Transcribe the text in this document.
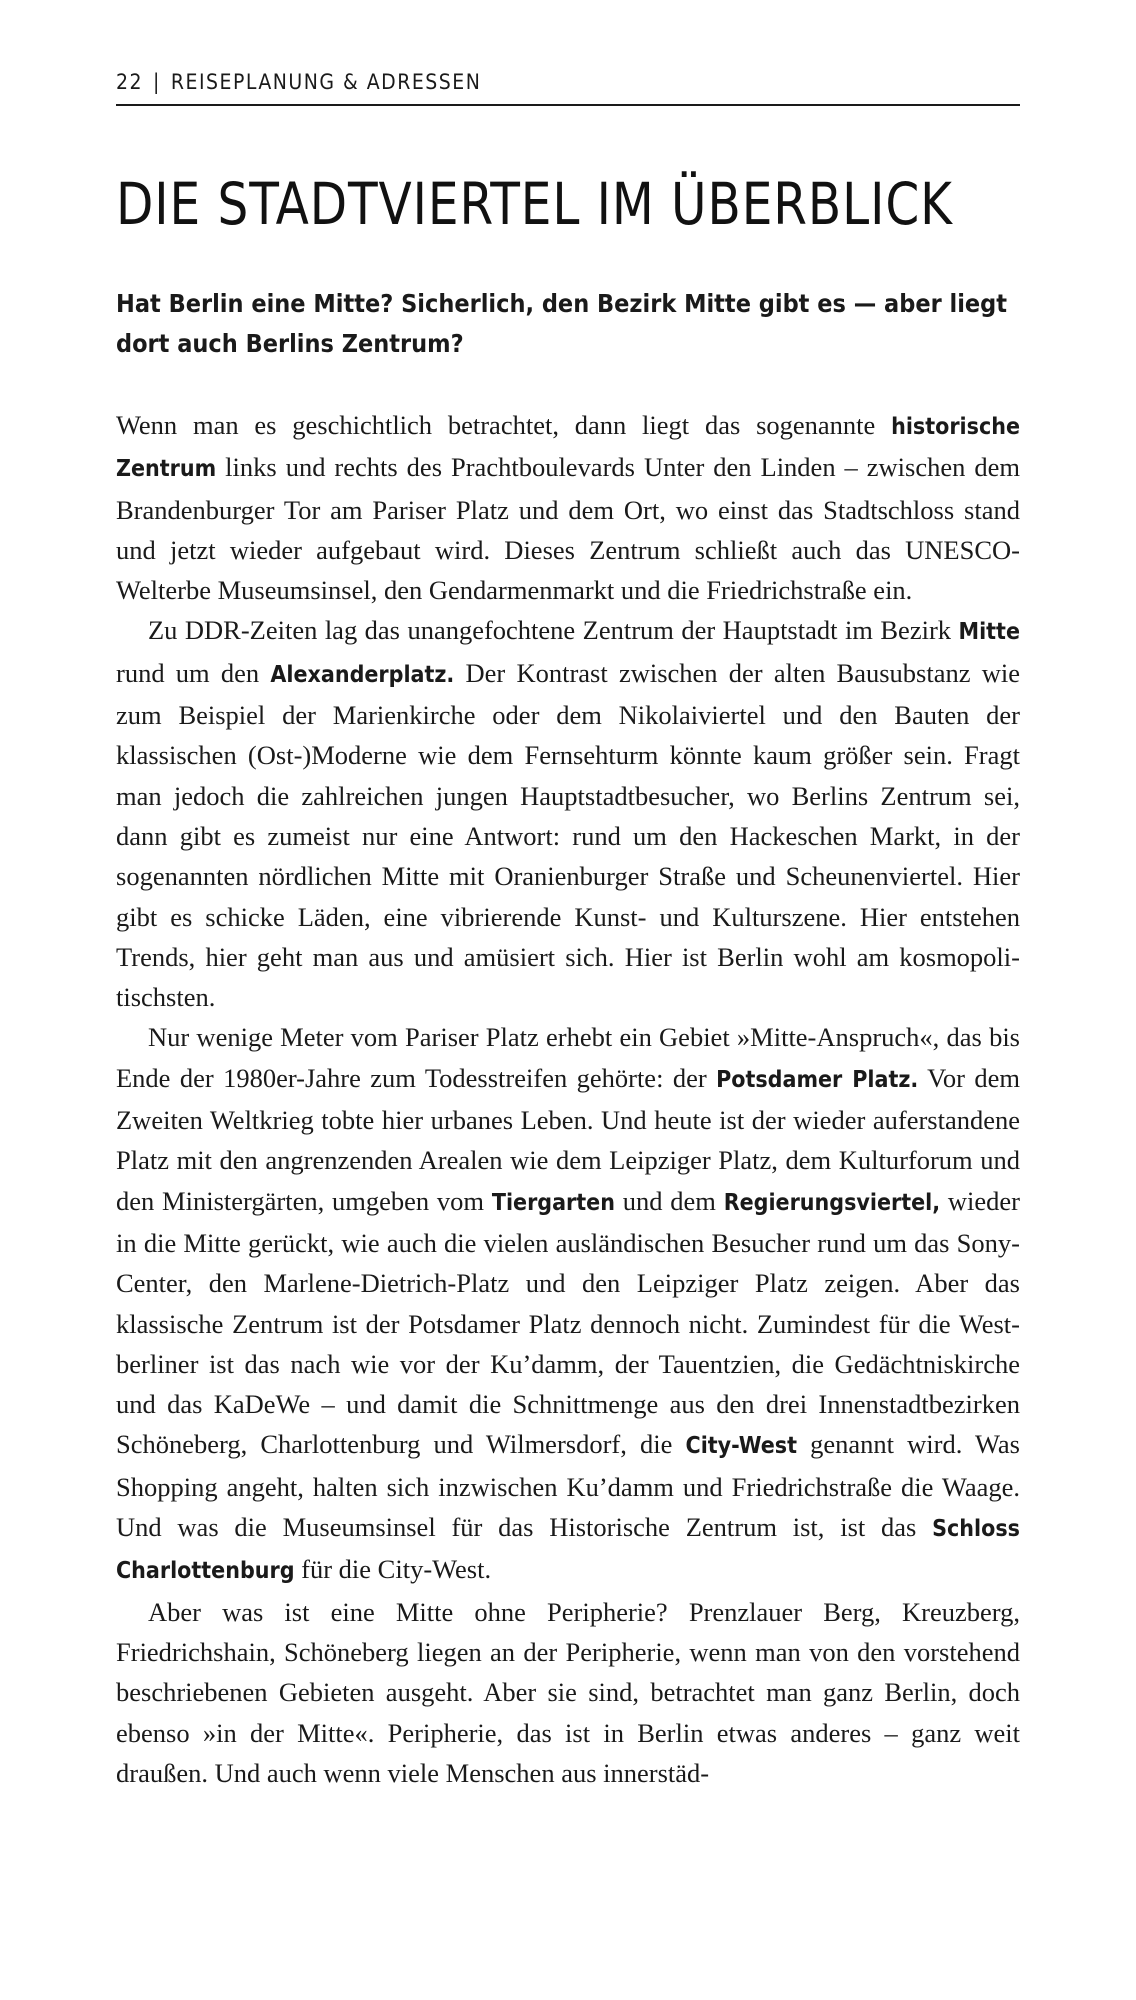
22 | REISEPLANUNG & ADRESSEN
DIE STADTVIERTEL IM ÜBERBLICK

Hat Berlin eine Mitte? Sicherlich, den Bezirk Mitte gibt es — aber liegt dort auch Berlins Zentrum?

Wenn man es geschichtlich betrachtet, dann liegt das sogenannte historische Zentrum links und rechts des Prachtboulevards Unter den Linden – zwischen dem Brandenburger Tor am Pariser Platz und dem Ort, wo einst das Stadtschloss stand und jetzt wieder aufgebaut wird. Dieses Zentrum schließt auch das UNESCO-Welterbe Museumsinsel, den Gendarmenmarkt und die Friedrichstraße ein.

Zu DDR-Zeiten lag das unangefochtene Zentrum der Hauptstadt im Bezirk Mitte rund um den Alexanderplatz. Der Kontrast zwischen der alten Bausubstanz wie zum Beispiel der Marienkirche oder dem Nikolaiviertel und den Bauten der klassischen (Ost-)Moderne wie dem Fernsehturm könnte kaum größer sein. Fragt man jedoch die zahlreichen jungen Hauptstadtbesucher, wo Berlins Zentrum sei, dann gibt es zumeist nur eine Antwort: rund um den Hackeschen Markt, in der sogenannten nördlichen Mitte mit Oranienburger Straße und Scheunenviertel. Hier gibt es schicke Läden, eine vibrierende Kunst- und Kulturszene. Hier entstehen Trends, hier geht man aus und amüsiert sich. Hier ist Berlin wohl am kosmopolitischsten.

Nur wenige Meter vom Pariser Platz erhebt ein Gebiet »Mitte-Anspruch«, das bis Ende der 1980er-Jahre zum Todesstreifen gehörte: der Potsdamer Platz. Vor dem Zweiten Weltkrieg tobte hier urbanes Leben. Und heute ist der wieder auferstandene Platz mit den angrenzenden Arealen wie dem Leipziger Platz, dem Kulturforum und den Ministergärten, umgeben vom Tiergarten und dem Regierungsviertel, wieder in die Mitte gerückt, wie auch die vielen ausländischen Besucher rund um das Sony-Center, den Marlene-Dietrich-Platz und den Leipziger Platz zeigen. Aber das klassische Zentrum ist der Potsdamer Platz dennoch nicht. Zumindest für die Westberliner ist das nach wie vor der Ku’damm, der Tauentzien, die Gedächtniskirche und das KaDeWe – und damit die Schnittmenge aus den drei Innenstadtbezirken Schöneberg, Charlottenburg und Wilmersdorf, die City-West genannt wird. Was Shopping angeht, halten sich inzwischen Ku’damm und Friedrichstraße die Waage. Und was die Museumsinsel für das Historische Zentrum ist, ist das Schloss Charlottenburg für die City-West.

Aber was ist eine Mitte ohne Peripherie? Prenzlauer Berg, Kreuzberg, Friedrichshain, Schöneberg liegen an der Peripherie, wenn man von den vorstehend beschriebenen Gebieten ausgeht. Aber sie sind, betrachtet man ganz Berlin, doch ebenso »in der Mitte«. Peripherie, das ist in Berlin etwas anderes – ganz weit draußen. Und auch wenn viele Menschen aus innerstäd-
